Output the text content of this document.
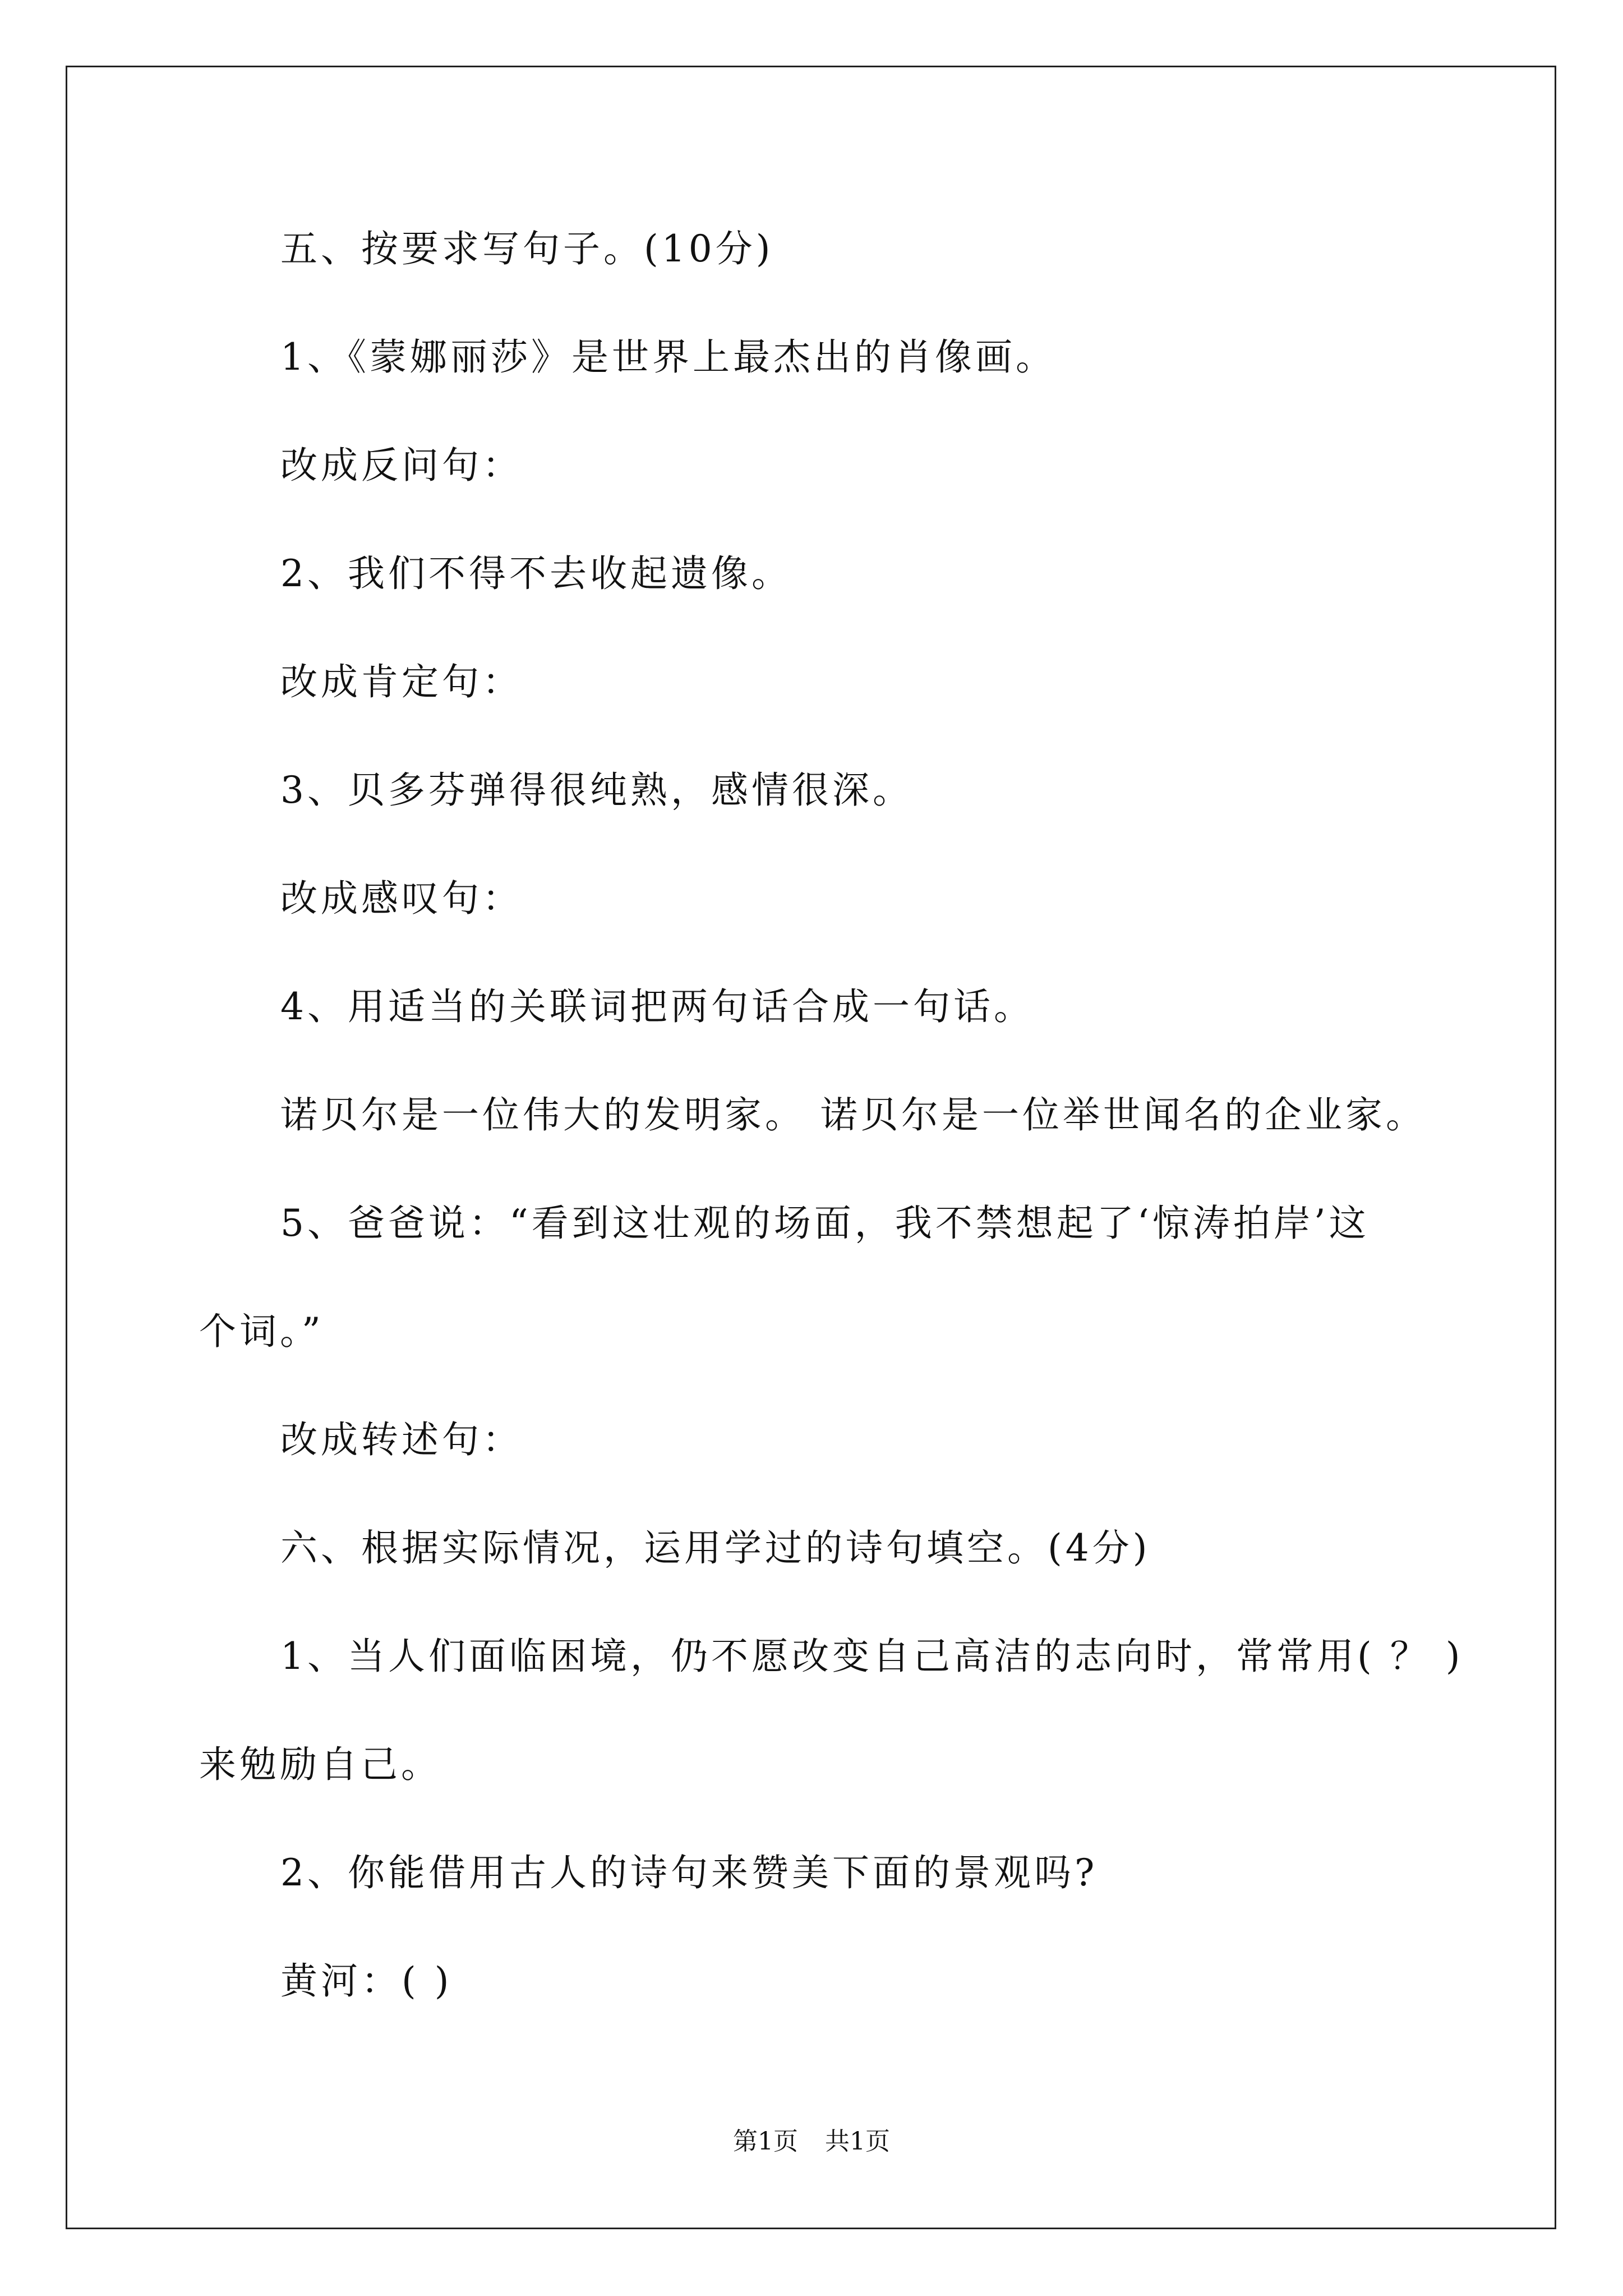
五、按要求写句子。(10分)
1、《蒙娜丽莎》是世界上最杰出的肖像画。
改成反问句：
2、我们不得不去收起遗像。
改成肯定句：
3、贝多芬弹得很纯熟，感情很深。
改成感叹句：
4、用适当的关联词把两句话合成一句话。
诺贝尔是一位伟大的发明家。 诺贝尔是一位举世闻名的企业家。
5、爸爸说：“看到这壮观的场面，我不禁想起了‘惊涛拍岸’这
个词。”
改成转述句：
六、根据实际情况，运用学过的诗句填空。(4分)
1、当人们面临困境，仍不愿改变自己高洁的志向时，常常用( ？ )
来勉励自己。
2、你能借用古人的诗句来赞美下面的景观吗?
黄河：( )
第1页 共1页
